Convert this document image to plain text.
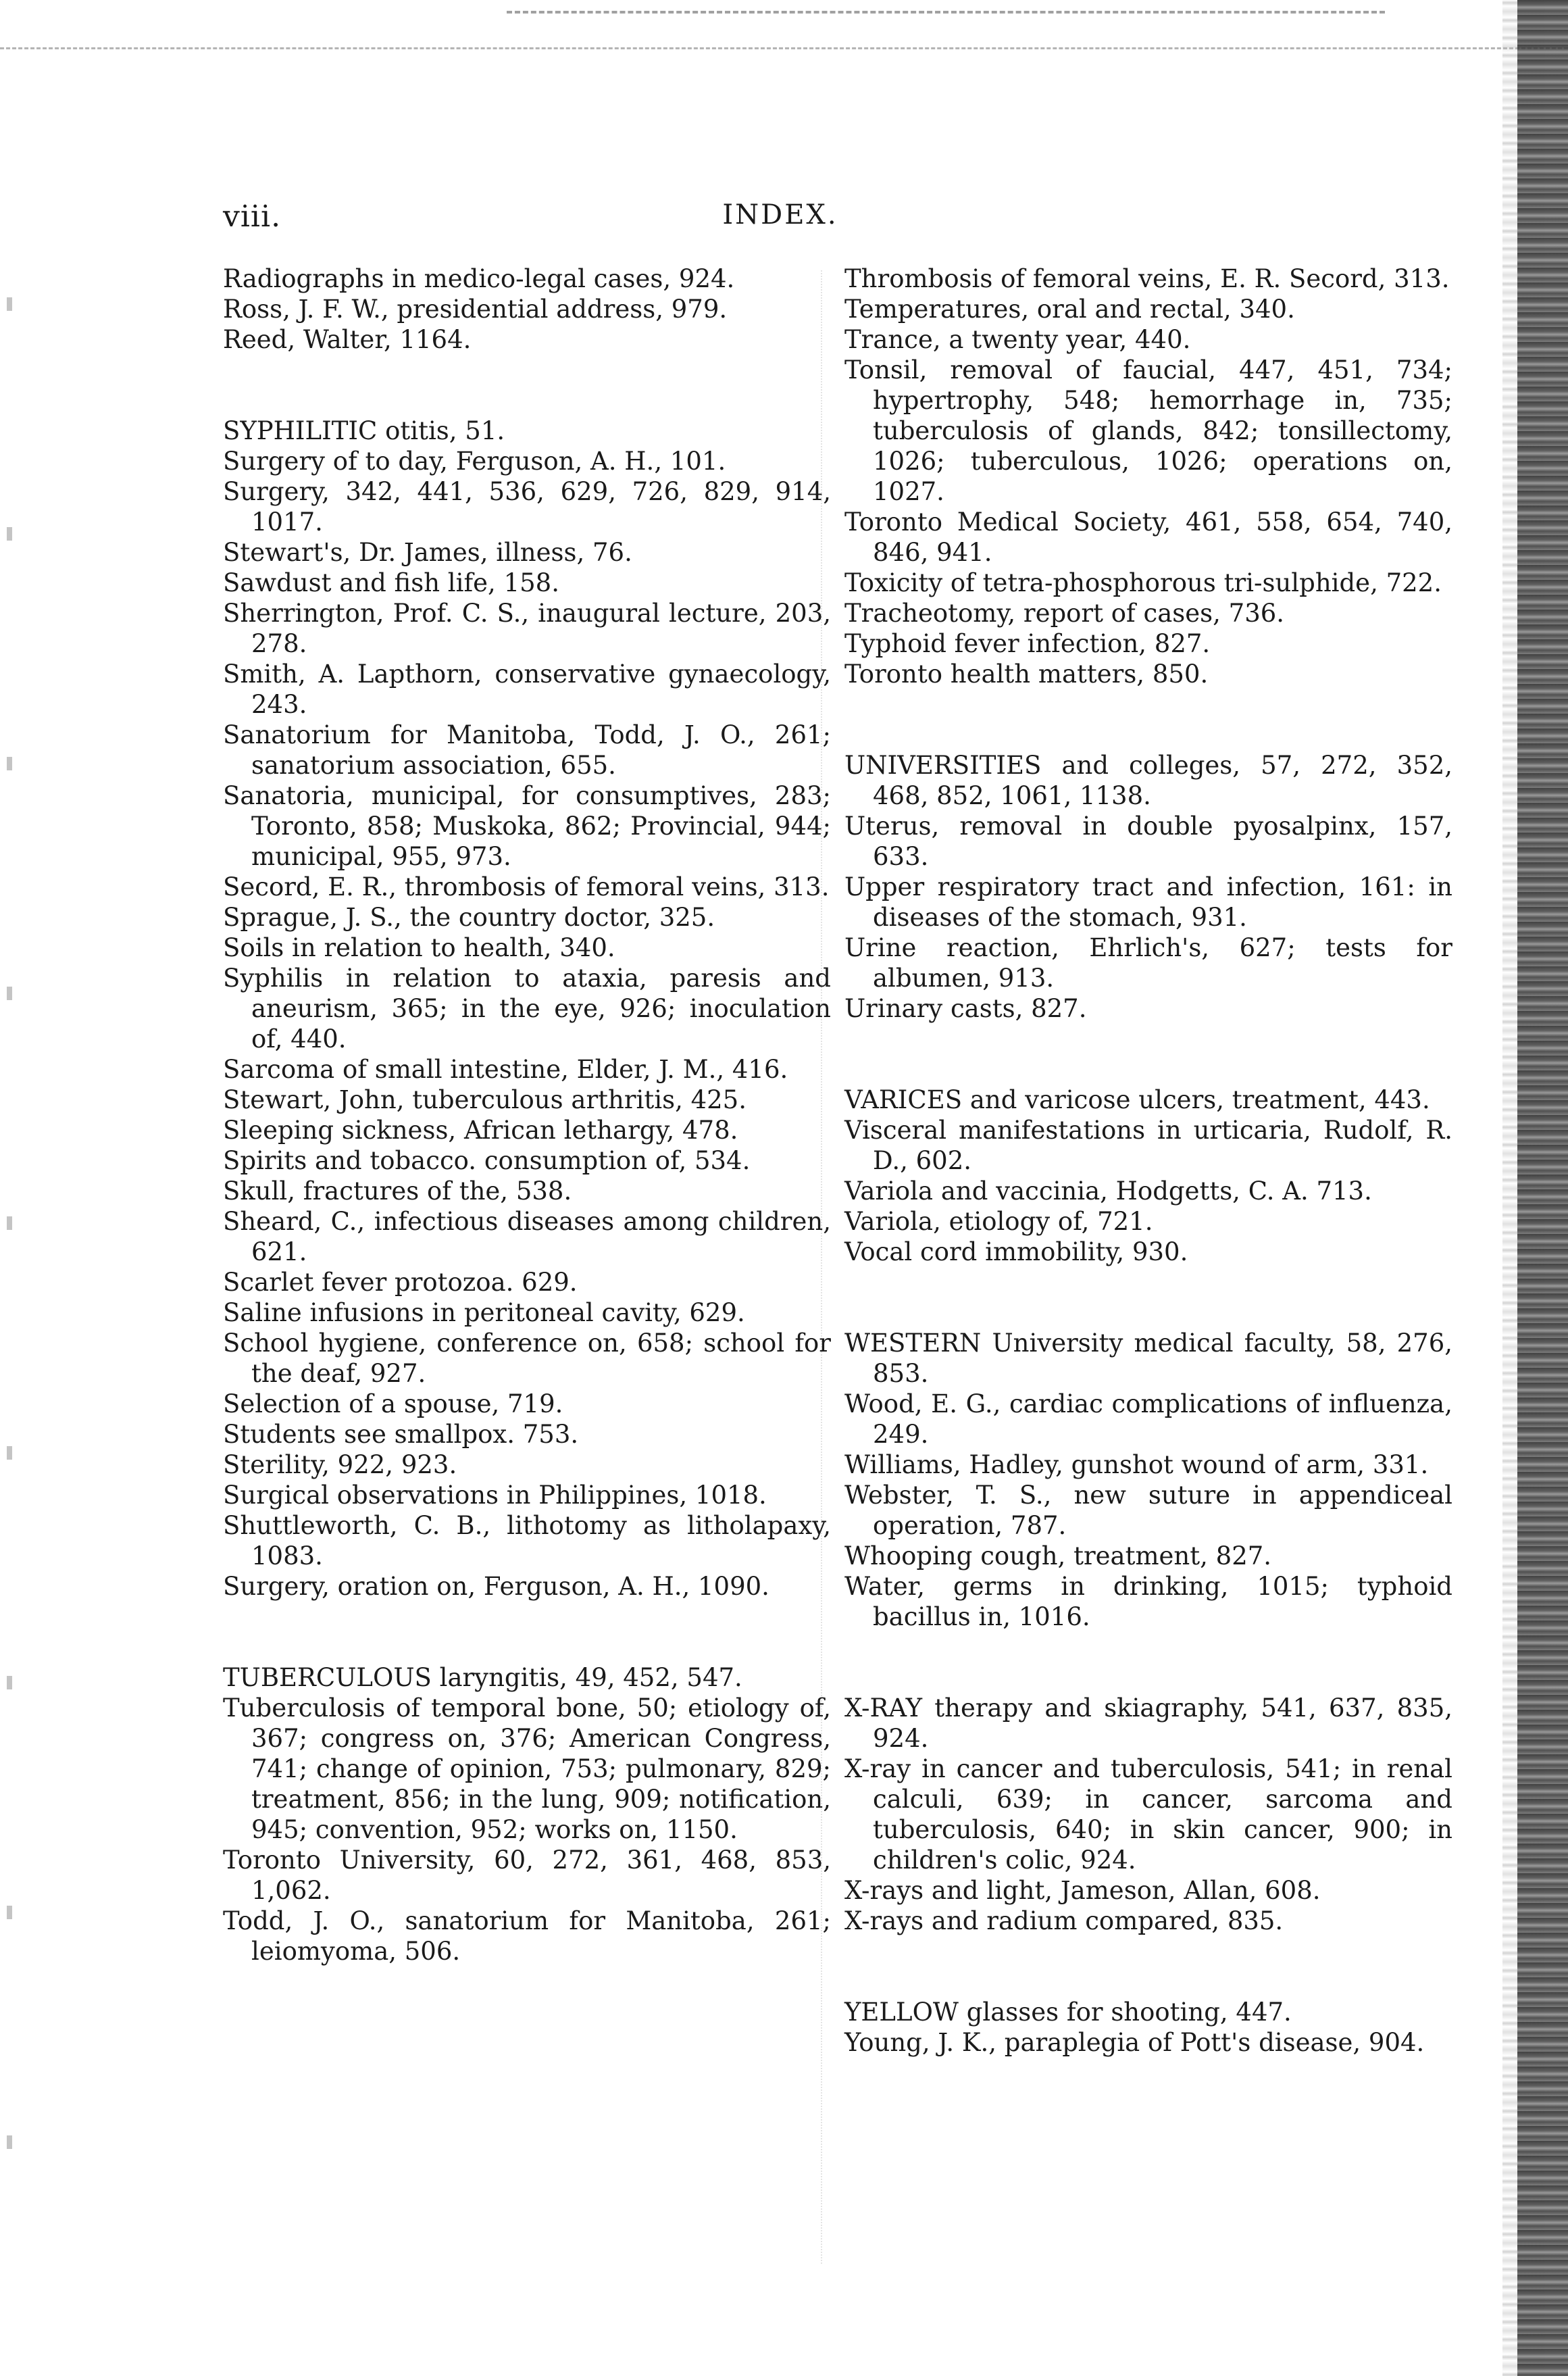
viii.	INDEX.
Radiographs in medico-legal cases, 924.
Ross, J. F. W., presidential address, 979.
Reed, Walter, 1164.
SYPHILITIC otitis, 51.
Surgery of to day, Ferguson, A. H., 101.
Surgery, 342, 441, 536, 629, 726, 829, 914, 1017.
Stewart's, Dr. James, illness, 76.
Sawdust and fish life, 158.
Sherrington, Prof. C. S., inaugural lecture, 203, 278.
Smith, A. Lapthorn, conservative gynaecology, 243.
Sanatorium for Manitoba, Todd, J. O., 261; sanatorium association, 655.
Sanatoria, municipal, for consumptives, 283; Toronto, 858; Muskoka, 862; Provincial, 944; municipal, 955, 973.
Secord, E. R., thrombosis of femoral veins, 313.
Sprague, J. S., the country doctor, 325.
Soils in relation to health, 340.
Syphilis in relation to ataxia, paresis and aneurism, 365; in the eye, 926; inoculation of, 440.
Sarcoma of small intestine, Elder, J. M., 416.
Stewart, John, tuberculous arthritis, 425.
Sleeping sickness, African lethargy, 478.
Spirits and tobacco. consumption of, 534.
Skull, fractures of the, 538.
Sheard, C., infectious diseases among children, 621.
Scarlet fever protozoa. 629.
Saline infusions in peritoneal cavity, 629.
School hygiene, conference on, 658; school for the deaf, 927.
Selection of a spouse, 719.
Students see smallpox. 753.
Sterility, 922, 923.
Surgical observations in Philippines, 1018.
Shuttleworth, C. B., lithotomy as litholapaxy, 1083.
Surgery, oration on, Ferguson, A. H., 1090.
TUBERCULOUS laryngitis, 49, 452, 547.
Tuberculosis of temporal bone, 50; etiology of, 367; congress on, 376; American Congress, 741; change of opinion, 753; pulmonary, 829; treatment, 856; in the lung, 909; notification, 945; convention, 952; works on, 1150.
Toronto University, 60, 272, 361, 468, 853, 1,062.
Todd, J. O., sanatorium for Manitoba, 261; leiomyoma, 506.
Thrombosis of femoral veins, E. R. Secord, 313.
Temperatures, oral and rectal, 340.
Trance, a twenty year, 440.
Tonsil, removal of faucial, 447, 451, 734; hypertrophy, 548; hemorrhage in, 735; tuberculosis of glands, 842; tonsillectomy, 1026; tuberculous, 1026; operations on, 1027.
Toronto Medical Society, 461, 558, 654, 740, 846, 941.
Toxicity of tetra-phosphorous tri-sulphide, 722.
Tracheotomy, report of cases, 736.
Typhoid fever infection, 827.
Toronto health matters, 850.
UNIVERSITIES and colleges, 57, 272, 352, 468, 852, 1061, 1138.
Uterus, removal in double pyosalpinx, 157, 633.
Upper respiratory tract and infection, 161: in diseases of the stomach, 931.
Urine reaction, Ehrlich's, 627; tests for albumen, 913.
Urinary casts, 827.
VARICES and varicose ulcers, treatment, 443.
Visceral manifestations in urticaria, Rudolf, R. D., 602.
Variola and vaccinia, Hodgetts, C. A. 713.
Variola, etiology of, 721.
Vocal cord immobility, 930.
WESTERN University medical faculty, 58, 276, 853.
Wood, E. G., cardiac complications of influenza, 249.
Williams, Hadley, gunshot wound of arm, 331.
Webster, T. S., new suture in appendiceal operation, 787.
Whooping cough, treatment, 827.
Water, germs in drinking, 1015; typhoid bacillus in, 1016.
X-RAY therapy and skiagraphy, 541, 637, 835, 924.
X-ray in cancer and tuberculosis, 541; in renal calculi, 639; in cancer, sarcoma and tuberculosis, 640; in skin cancer, 900; in children's colic, 924.
X-rays and light, Jameson, Allan, 608.
X-rays and radium compared, 835.
YELLOW glasses for shooting, 447.
Young, J. K., paraplegia of Pott's disease, 904.
